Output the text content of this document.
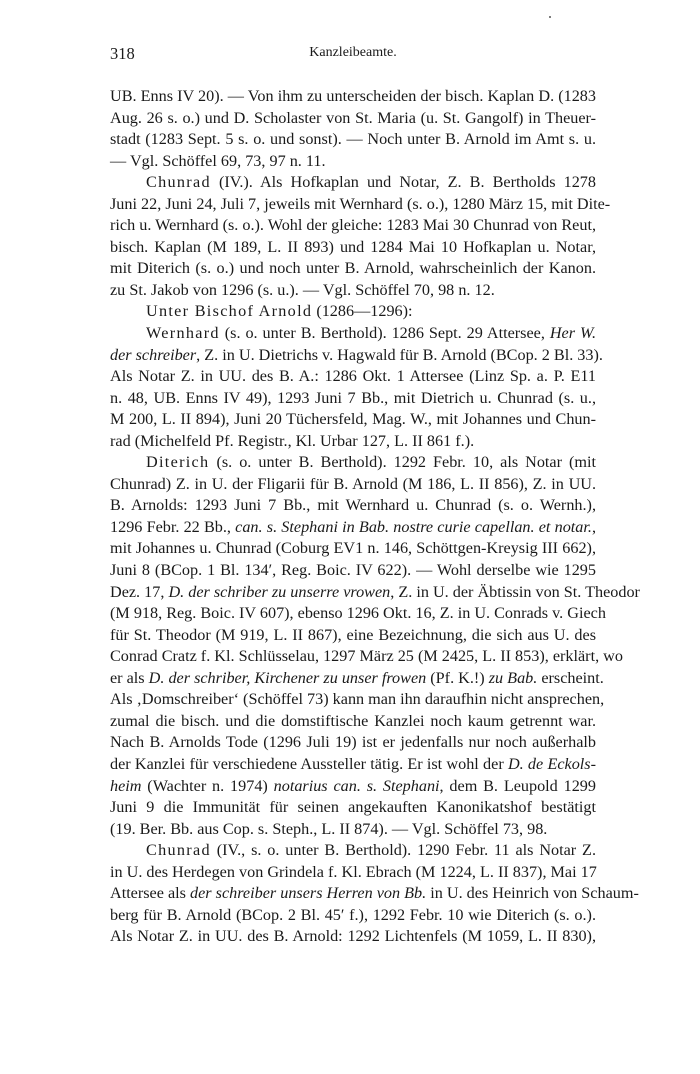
318	Kanzleibeamte.
UB. Enns IV 20). — Von ihm zu unterscheiden der bisch. Kaplan D. (1283
Aug. 26 s. o.) und D. Scholaster von St. Maria (u. St. Gangolf) in Theuer-
stadt (1283 Sept. 5 s. o. und sonst). — Noch unter B. Arnold im Amt s. u.
— Vgl. Schöffel 69, 73, 97 n. 11.
Chunrad (IV.). Als Hofkaplan und Notar, Z. B. Bertholds 1278
Juni 22, Juni 24, Juli 7, jeweils mit Wernhard (s. o.), 1280 März 15, mit Dite-
rich u. Wernhard (s. o.). Wohl der gleiche: 1283 Mai 30 Chunrad von Reut,
bisch. Kaplan (M 189, L. II 893) und 1284 Mai 10 Hofkaplan u. Notar,
mit Diterich (s. o.) und noch unter B. Arnold, wahrscheinlich der Kanon.
zu St. Jakob von 1296 (s. u.). — Vgl. Schöffel 70, 98 n. 12.
Unter Bischof Arnold (1286—1296):
Wernhard (s. o. unter B. Berthold). 1286 Sept. 29 Attersee, Her W.
der schreiber, Z. in U. Dietrichs v. Hagwald für B. Arnold (BCop. 2 Bl. 33).
Als Notar Z. in UU. des B. A.: 1286 Okt. 1 Attersee (Linz Sp. a. P. E11
n. 48, UB. Enns IV 49), 1293 Juni 7 Bb., mit Dietrich u. Chunrad (s. u.,
M 200, L. II 894), Juni 20 Tüchersfeld, Mag. W., mit Johannes und Chun-
rad (Michelfeld Pf. Registr., Kl. Urbar 127, L. II 861 f.).
Diterich (s. o. unter B. Berthold). 1292 Febr. 10, als Notar (mit
Chunrad) Z. in U. der Fligarii für B. Arnold (M 186, L. II 856), Z. in UU.
B. Arnolds: 1293 Juni 7 Bb., mit Wernhard u. Chunrad (s. o. Wernh.),
1296 Febr. 22 Bb., can. s. Stephani in Bab. nostre curie capellan. et notar.,
mit Johannes u. Chunrad (Coburg EV1 n. 146, Schöttgen-Kreysig III 662),
Juni 8 (BCop. 1 Bl. 134′, Reg. Boic. IV 622). — Wohl derselbe wie 1295
Dez. 17, D. der schriber zu unserre vrowen, Z. in U. der Äbtissin von St. Theodor
(M 918, Reg. Boic. IV 607), ebenso 1296 Okt. 16, Z. in U. Conrads v. Giech
für St. Theodor (M 919, L. II 867), eine Bezeichnung, die sich aus U. des
Conrad Cratz f. Kl. Schlüsselau, 1297 März 25 (M 2425, L. II 853), erklärt, wo
er als D. der schriber, Kirchener zu unser frowen (Pf. K.!) zu Bab. erscheint.
Als ‚Domschreiber‘ (Schöffel 73) kann man ihn daraufhin nicht ansprechen,
zumal die bisch. und die domstiftische Kanzlei noch kaum getrennt war.
Nach B. Arnolds Tode (1296 Juli 19) ist er jedenfalls nur noch außerhalb
der Kanzlei für verschiedene Aussteller tätig. Er ist wohl der D. de Eckols-
heim (Wachter n. 1974) notarius can. s. Stephani, dem B. Leupold 1299
Juni 9 die Immunität für seinen angekauften Kanonikatshof bestätigt
(19. Ber. Bb. aus Cop. s. Steph., L. II 874). — Vgl. Schöffel 73, 98.
Chunrad (IV., s. o. unter B. Berthold). 1290 Febr. 11 als Notar Z.
in U. des Herdegen von Grindela f. Kl. Ebrach (M 1224, L. II 837), Mai 17
Attersee als der schreiber unsers Herren von Bb. in U. des Heinrich von Schaum-
berg für B. Arnold (BCop. 2 Bl. 45′ f.), 1292 Febr. 10 wie Diterich (s. o.).
Als Notar Z. in UU. des B. Arnold: 1292 Lichtenfels (M 1059, L. II 830),
